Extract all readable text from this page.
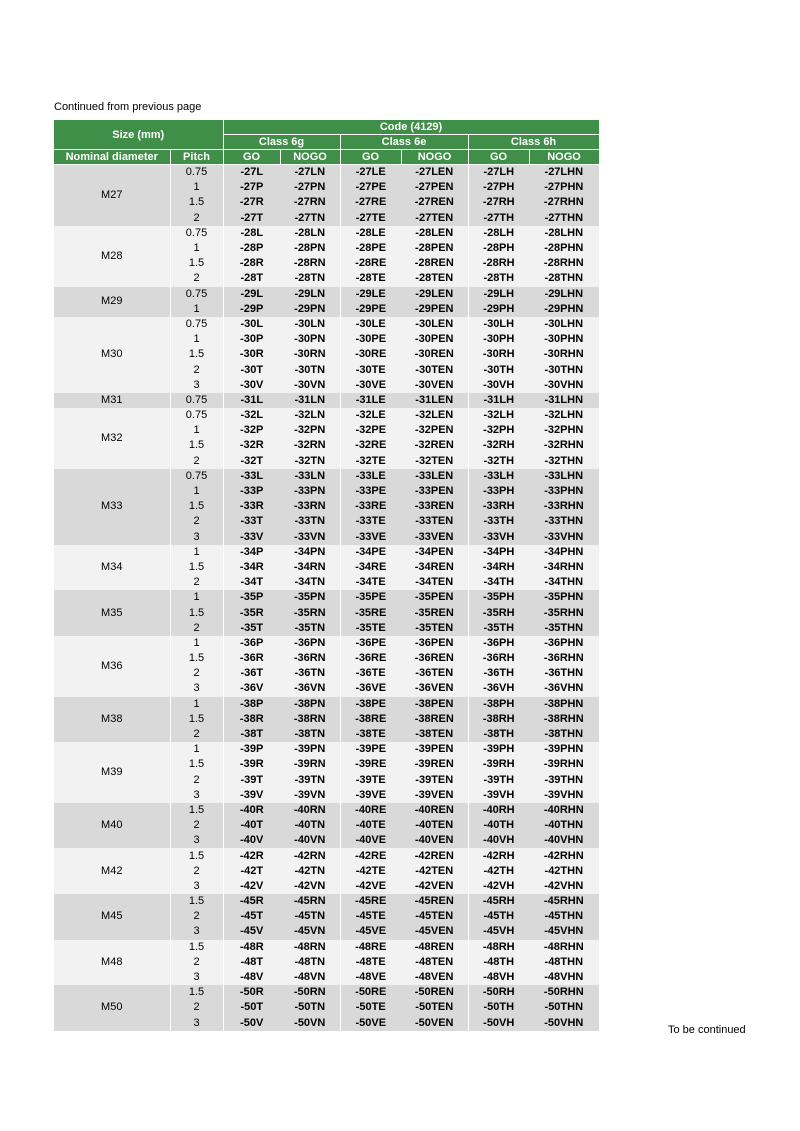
Continued from previous page
Size (mm)		Code (4129)					
		Class 6g		Class 6e		Class 6h	
Nominal diameter	Pitch	GO	NOGO	GO	NOGO	GO	NOGO
M27	0.75	-27L	-27LN	-27LE	-27LEN	-27LH	-27LHN
	1	-27P	-27PN	-27PE	-27PEN	-27PH	-27PHN
	1.5	-27R	-27RN	-27RE	-27REN	-27RH	-27RHN
	2	-27T	-27TN	-27TE	-27TEN	-27TH	-27THN
M28	0.75	-28L	-28LN	-28LE	-28LEN	-28LH	-28LHN
	1	-28P	-28PN	-28PE	-28PEN	-28PH	-28PHN
	1.5	-28R	-28RN	-28RE	-28REN	-28RH	-28RHN
	2	-28T	-28TN	-28TE	-28TEN	-28TH	-28THN
M29	0.75	-29L	-29LN	-29LE	-29LEN	-29LH	-29LHN
	1	-29P	-29PN	-29PE	-29PEN	-29PH	-29PHN
M30	0.75	-30L	-30LN	-30LE	-30LEN	-30LH	-30LHN
	1	-30P	-30PN	-30PE	-30PEN	-30PH	-30PHN
	1.5	-30R	-30RN	-30RE	-30REN	-30RH	-30RHN
	2	-30T	-30TN	-30TE	-30TEN	-30TH	-30THN
	3	-30V	-30VN	-30VE	-30VEN	-30VH	-30VHN
M31	0.75	-31L	-31LN	-31LE	-31LEN	-31LH	-31LHN
M32	0.75	-32L	-32LN	-32LE	-32LEN	-32LH	-32LHN
	1	-32P	-32PN	-32PE	-32PEN	-32PH	-32PHN
	1.5	-32R	-32RN	-32RE	-32REN	-32RH	-32RHN
	2	-32T	-32TN	-32TE	-32TEN	-32TH	-32THN
M33	0.75	-33L	-33LN	-33LE	-33LEN	-33LH	-33LHN
	1	-33P	-33PN	-33PE	-33PEN	-33PH	-33PHN
	1.5	-33R	-33RN	-33RE	-33REN	-33RH	-33RHN
	2	-33T	-33TN	-33TE	-33TEN	-33TH	-33THN
	3	-33V	-33VN	-33VE	-33VEN	-33VH	-33VHN
M34	1	-34P	-34PN	-34PE	-34PEN	-34PH	-34PHN
	1.5	-34R	-34RN	-34RE	-34REN	-34RH	-34RHN
	2	-34T	-34TN	-34TE	-34TEN	-34TH	-34THN
M35	1	-35P	-35PN	-35PE	-35PEN	-35PH	-35PHN
	1.5	-35R	-35RN	-35RE	-35REN	-35RH	-35RHN
	2	-35T	-35TN	-35TE	-35TEN	-35TH	-35THN
M36	1	-36P	-36PN	-36PE	-36PEN	-36PH	-36PHN
	1.5	-36R	-36RN	-36RE	-36REN	-36RH	-36RHN
	2	-36T	-36TN	-36TE	-36TEN	-36TH	-36THN
	3	-36V	-36VN	-36VE	-36VEN	-36VH	-36VHN
M38	1	-38P	-38PN	-38PE	-38PEN	-38PH	-38PHN
	1.5	-38R	-38RN	-38RE	-38REN	-38RH	-38RHN
	2	-38T	-38TN	-38TE	-38TEN	-38TH	-38THN
M39	1	-39P	-39PN	-39PE	-39PEN	-39PH	-39PHN
	1.5	-39R	-39RN	-39RE	-39REN	-39RH	-39RHN
	2	-39T	-39TN	-39TE	-39TEN	-39TH	-39THN
	3	-39V	-39VN	-39VE	-39VEN	-39VH	-39VHN
M40	1.5	-40R	-40RN	-40RE	-40REN	-40RH	-40RHN
	2	-40T	-40TN	-40TE	-40TEN	-40TH	-40THN
	3	-40V	-40VN	-40VE	-40VEN	-40VH	-40VHN
M42	1.5	-42R	-42RN	-42RE	-42REN	-42RH	-42RHN
	2	-42T	-42TN	-42TE	-42TEN	-42TH	-42THN
	3	-42V	-42VN	-42VE	-42VEN	-42VH	-42VHN
M45	1.5	-45R	-45RN	-45RE	-45REN	-45RH	-45RHN
	2	-45T	-45TN	-45TE	-45TEN	-45TH	-45THN
	3	-45V	-45VN	-45VE	-45VEN	-45VH	-45VHN
M48	1.5	-48R	-48RN	-48RE	-48REN	-48RH	-48RHN
	2	-48T	-48TN	-48TE	-48TEN	-48TH	-48THN
	3	-48V	-48VN	-48VE	-48VEN	-48VH	-48VHN
M50	1.5	-50R	-50RN	-50RE	-50REN	-50RH	-50RHN
	2	-50T	-50TN	-50TE	-50TEN	-50TH	-50THN
	3	-50V	-50VN	-50VE	-50VEN	-50VH	-50VHN
To be continued
